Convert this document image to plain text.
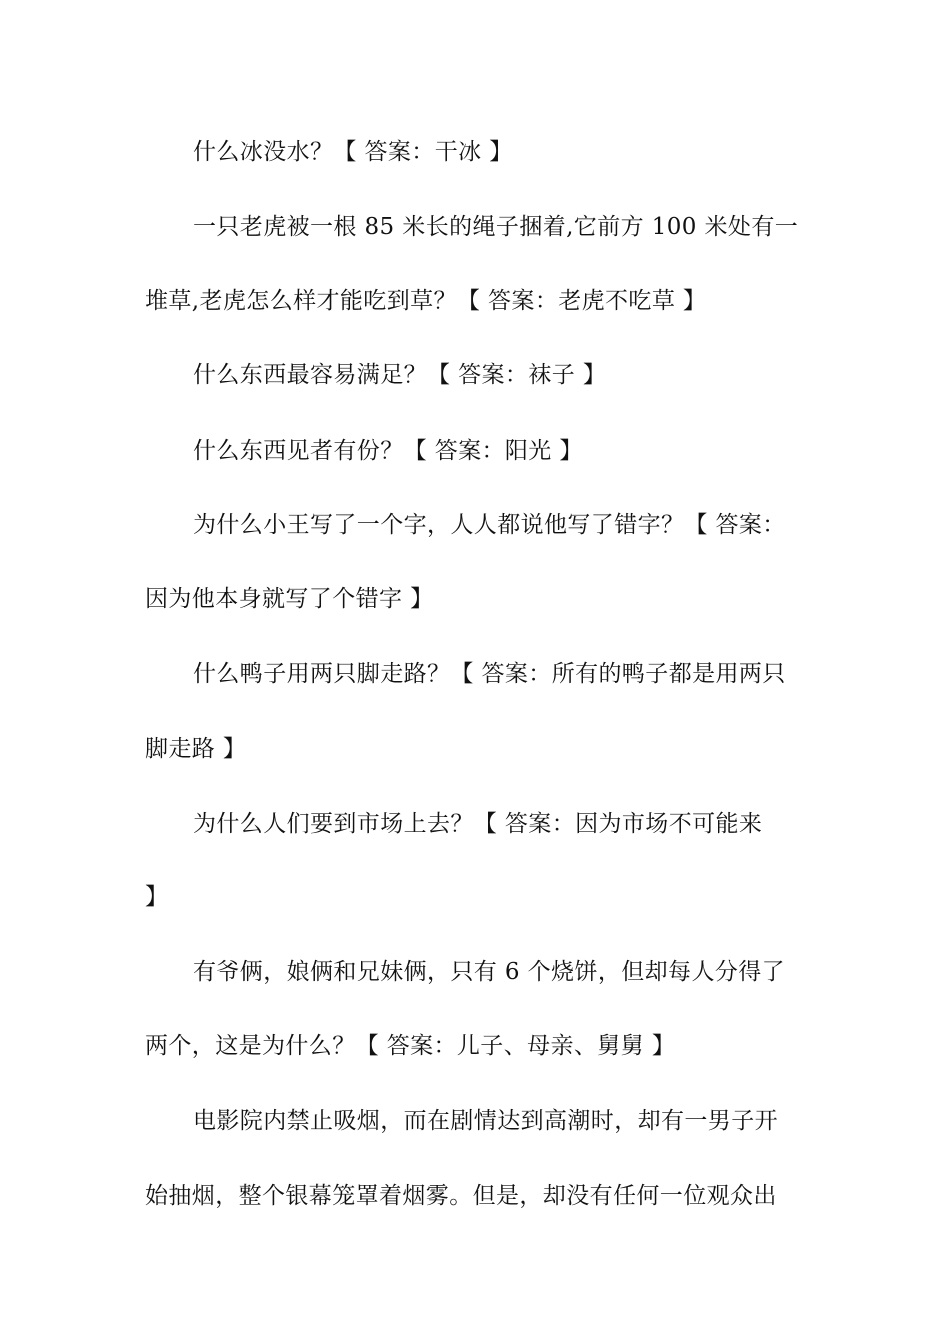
什么冰没水？【 答案：干冰 】
一只老虎被一根 85 米长的绳子捆着,它前方 100 米处有一
堆草,老虎怎么样才能吃到草？【 答案：老虎不吃草 】
什么东西最容易满足？【 答案：袜子 】
什么东西见者有份？【 答案：阳光 】
为什么小王写了一个字，人人都说他写了错字？【 答案：
因为他本身就写了个错字 】
什么鸭子用两只脚走路？【 答案：所有的鸭子都是用两只
脚走路 】
为什么人们要到市场上去？【 答案：因为市场不可能来
】
有爷俩，娘俩和兄妹俩，只有 6 个烧饼，但却每人分得了
两个，这是为什么？【 答案：儿子、母亲、舅舅 】
电影院内禁止吸烟，而在剧情达到高潮时，却有一男子开
始抽烟，整个银幕笼罩着烟雾。但是，却没有任何一位观众出
